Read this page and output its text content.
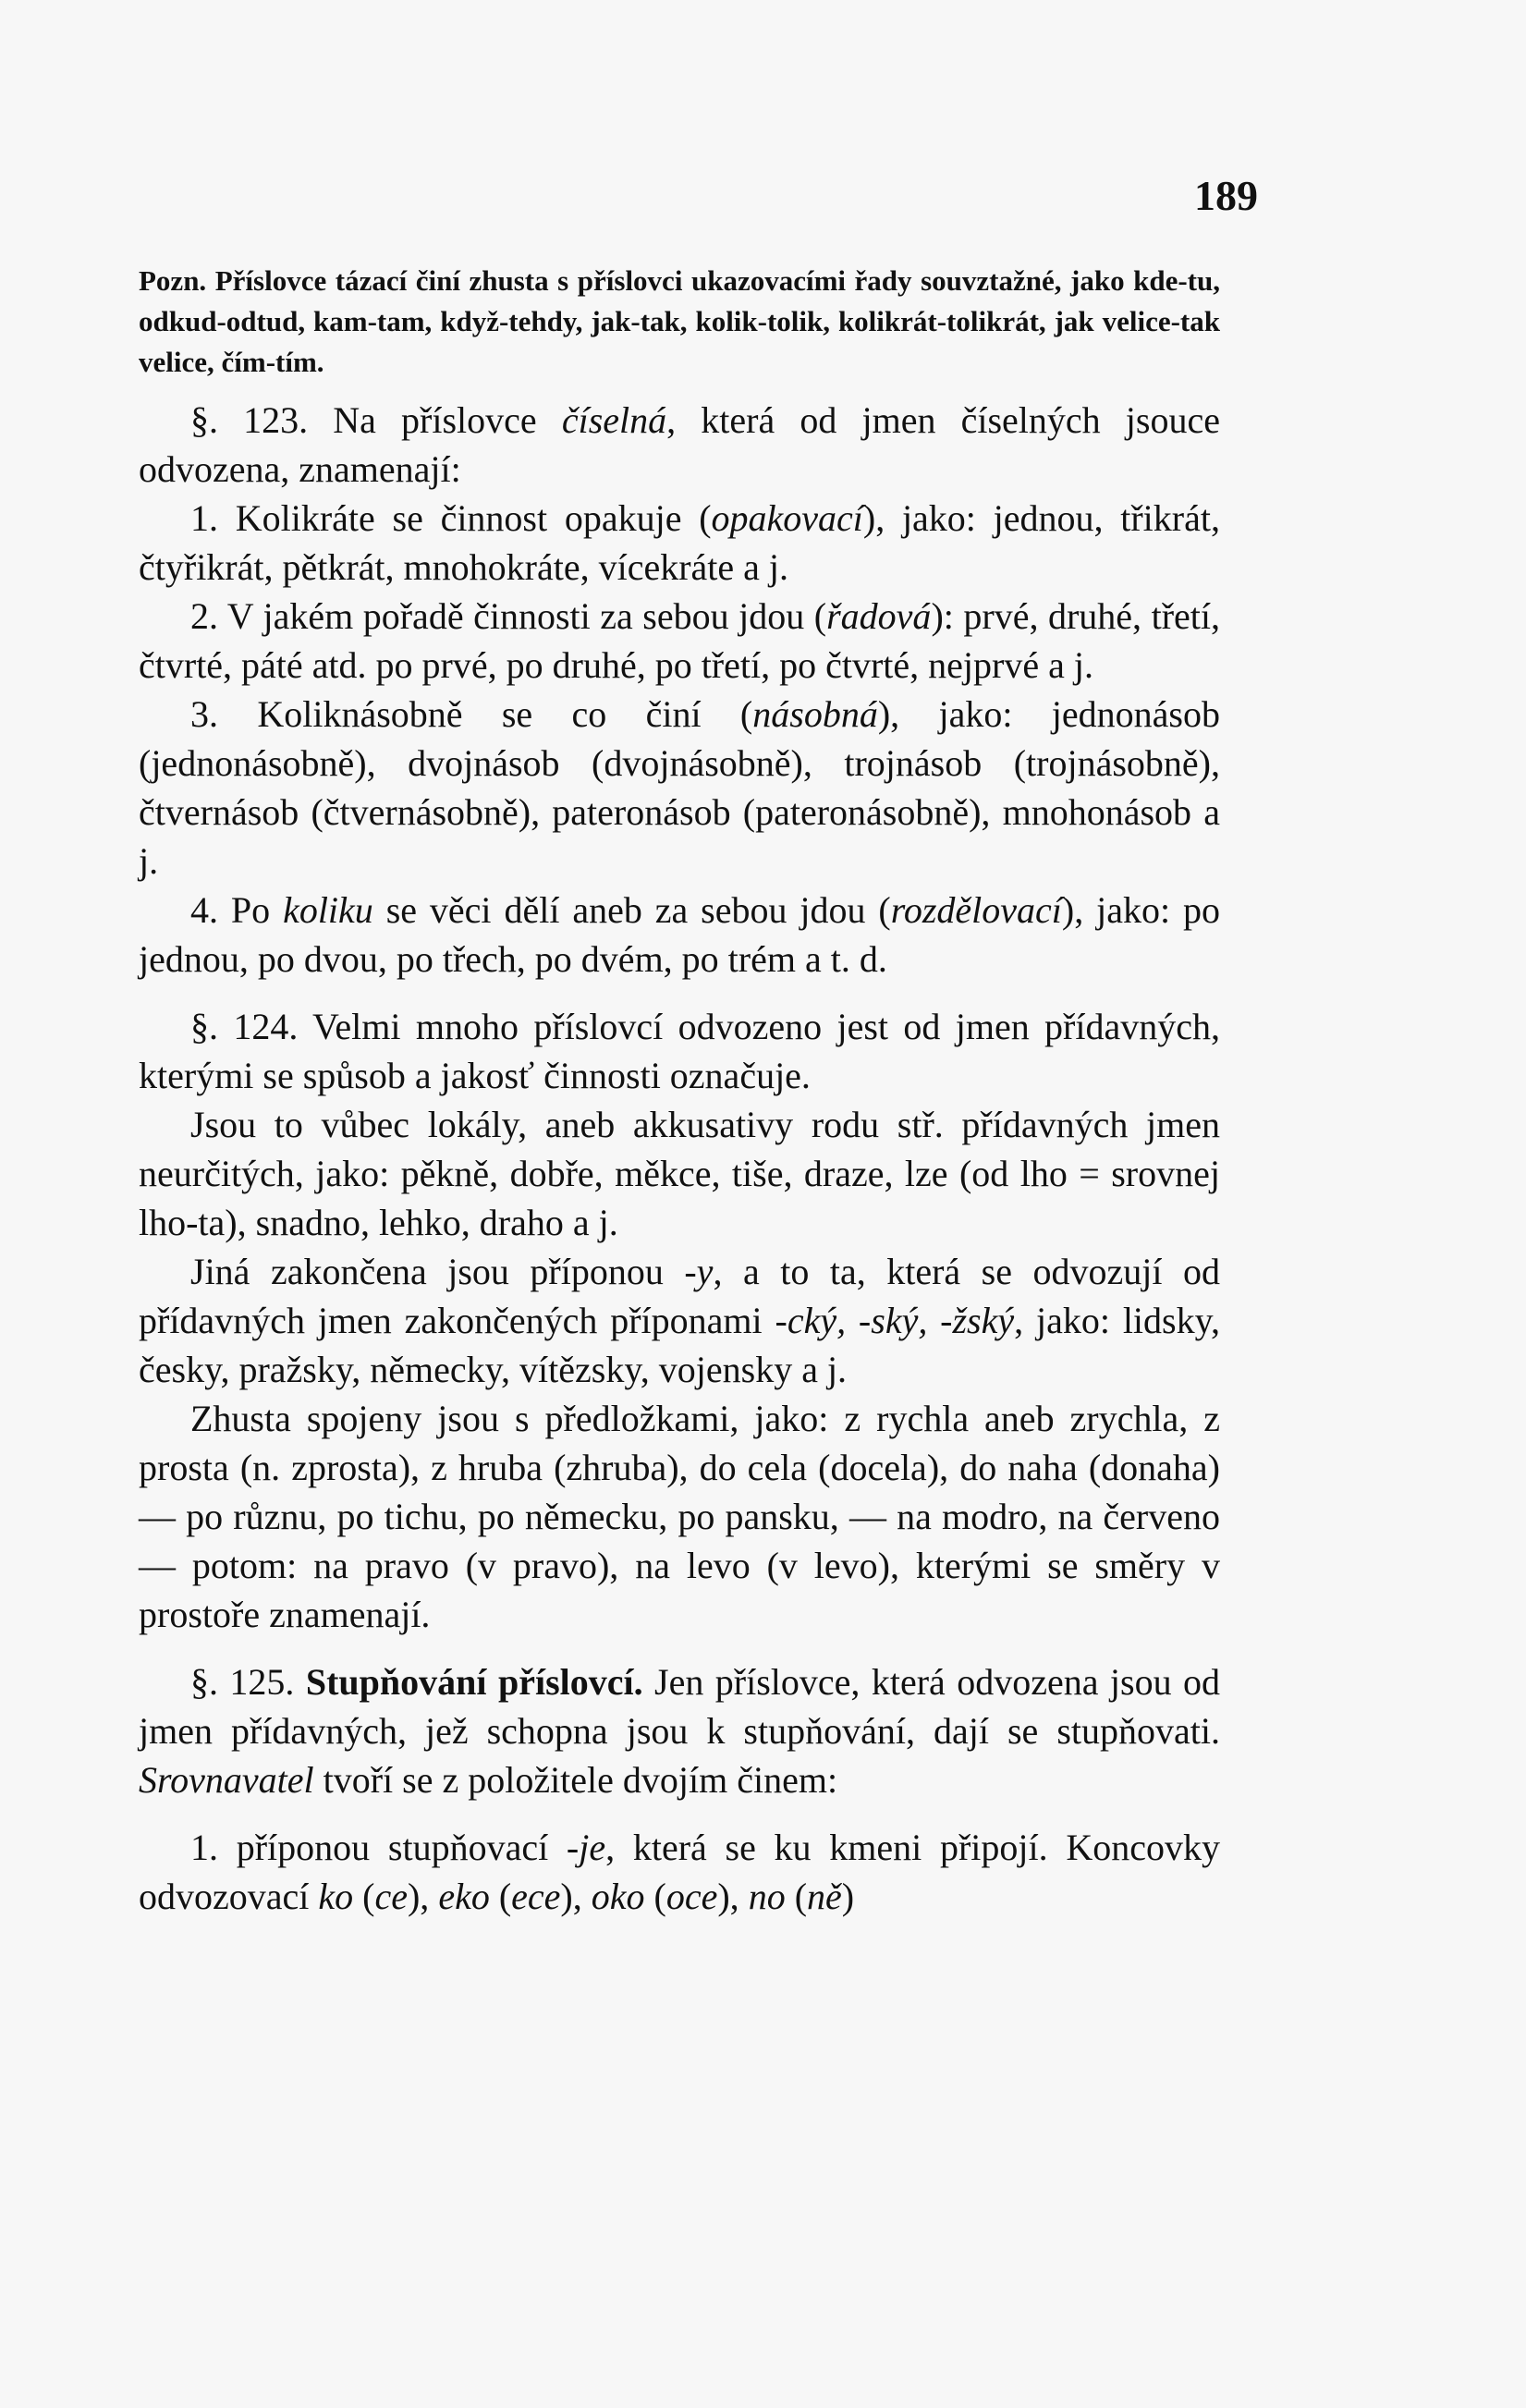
189
Pozn. Příslovce tázací činí zhusta s příslovci ukazovacími řady souvztažné, jako kde-tu, odkud-odtud, kam-tam, když-tehdy, jak-tak, kolik-tolik, kolikrát-tolikrát, jak velice-tak velice, čím-tím.

§. 123. Na příslovce číselná, která od jmen číselných jsouce odvozena, znamenají:

1. Kolikráte se činnost opakuje (opakovací), jako: jednou, třikrát, čtyřikrát, pětkrát, mnohokráte, vícekráte a j.

2. V jakém pořadě činnosti za sebou jdou (řadová): prvé, druhé, třetí, čtvrté, páté atd. po prvé, po druhé, po třetí, po čtvrté, nejprvé a j.

3. Koliknásobně se co činí (násobná), jako: jednonásob (jednonásobně), dvojnásob (dvojnásobně), trojnásob (trojnásobně), čtvernásob (čtvernásobně), pateronásob (pateronásobně), mnohonásob a j.

4. Po koliku se věci dělí aneb za sebou jdou (rozdělovací), jako: po jednou, po dvou, po třech, po dvém, po trém a t. d.

§. 124. Velmi mnoho příslovcí odvozeno jest od jmen přídavných, kterými se spůsob a jakosť činnosti označuje.

Jsou to vůbec lokály, aneb akkusativy rodu stř. přídavných jmen neurčitých, jako: pěkně, dobře, měkce, tiše, draze, lze (od lho = srovnej lho-ta), snadno, lehko, draho a j.

Jiná zakončena jsou příponou -y, a to ta, která se odvozují od přídavných jmen zakončených příponami -cký, -ský, -žský, jako: lidsky, česky, pražsky, německy, vítězsky, vojensky a j.

Zhusta spojeny jsou s předložkami, jako: z rychla aneb zrychla, z prosta (n. zprosta), z hruba (zhruba), do cela (docela), do naha (donaha) — po různu, po tichu, po německu, po pansku, — na modro, na červeno — potom: na pravo (v pravo), na levo (v levo), kterými se směry v prostoře znamenají.

§. 125. Stupňování příslovcí. Jen příslovce, která odvozena jsou od jmen přídavných, jež schopna jsou k stupňování, dají se stupňovati. Srovnavatel tvoří se z položitele dvojím činem:

1. příponou stupňovací -je, která se ku kmeni připojí. Koncovky odvozovací ko (ce), eko (ece), oko (oce), no (ně)
